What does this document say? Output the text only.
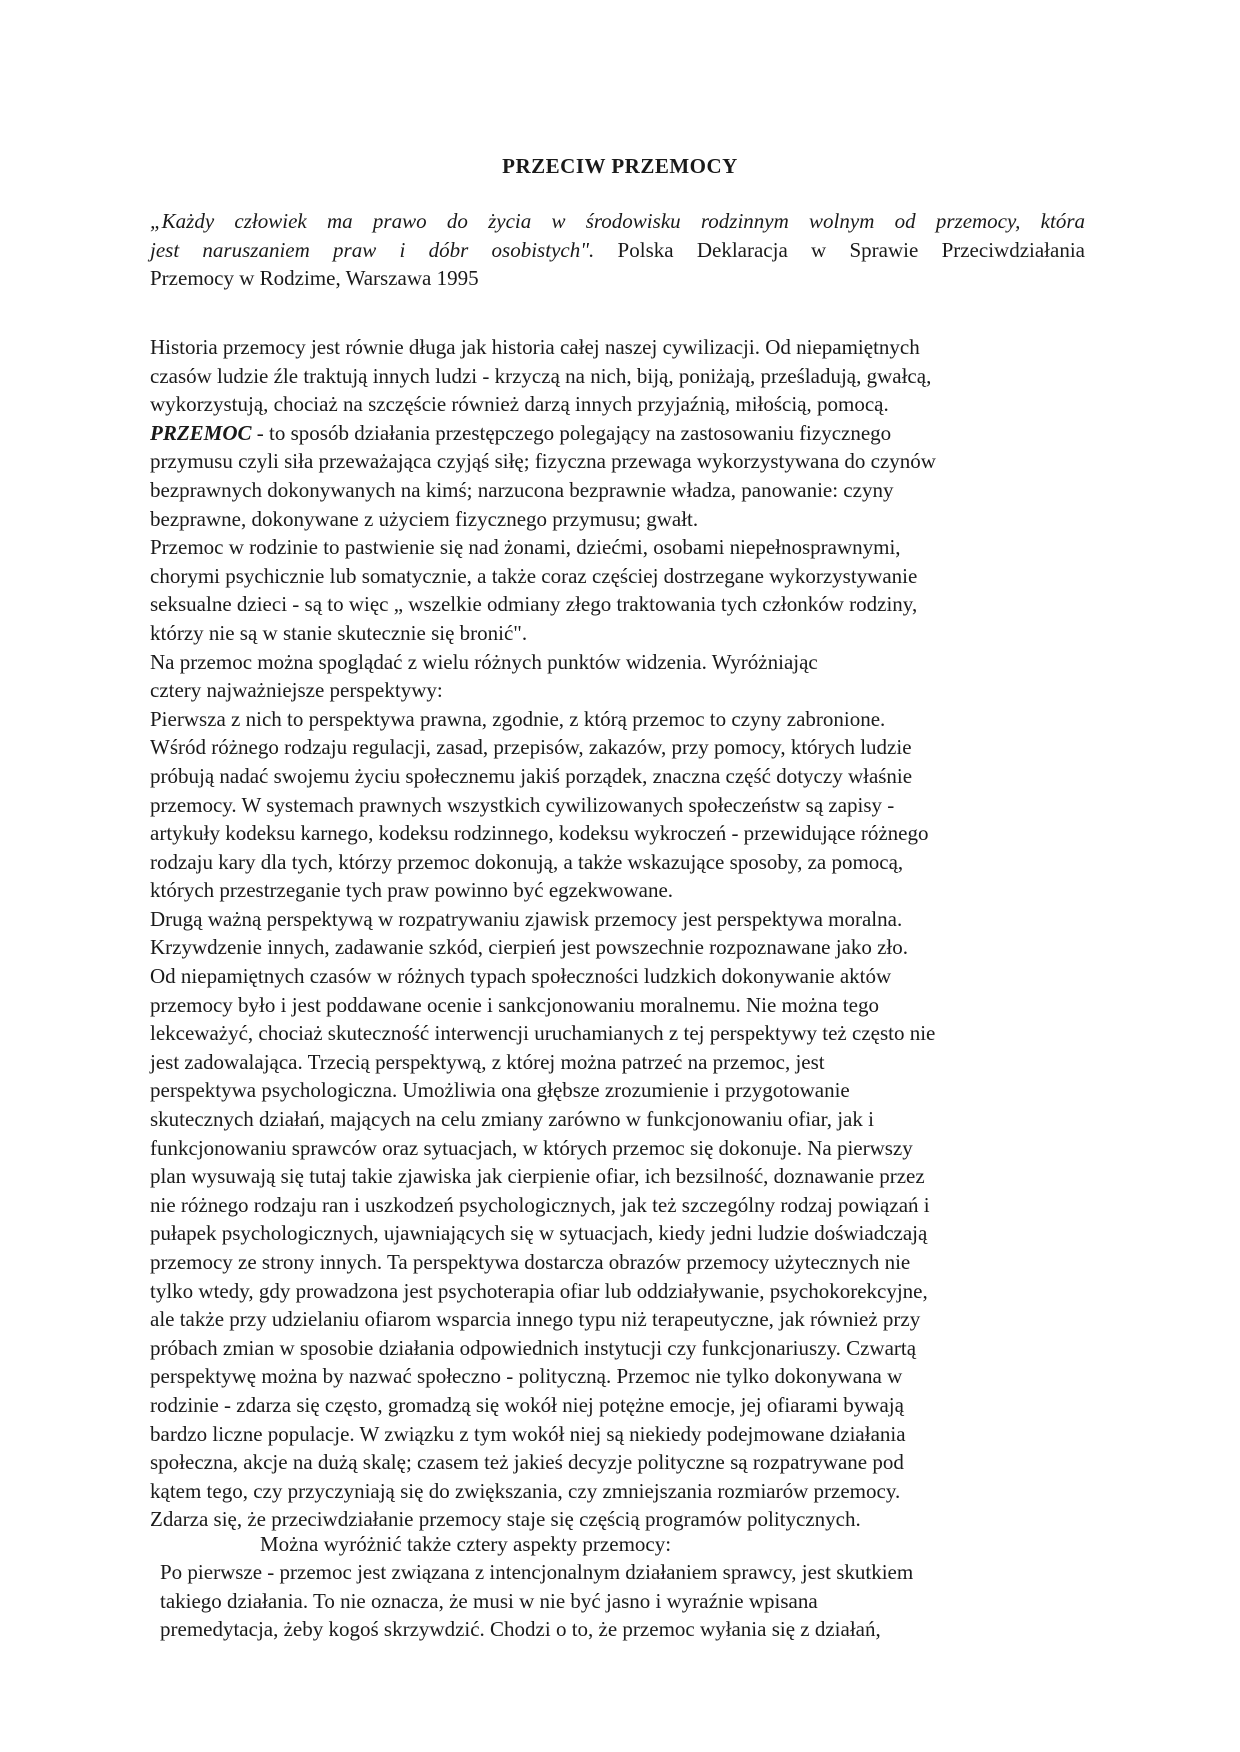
PRZECIW PRZEMOCY
„Każdy człowiek ma prawo do życia w środowisku rodzinnym wolnym od przemocy, która
jest naruszaniem praw i dóbr osobistych". Polska Deklaracja w Sprawie Przeciwdziałania
Przemocy w Rodzime, Warszawa 1995
Historia przemocy jest równie długa jak historia całej naszej cywilizacji. Od niepamiętnych
czasów ludzie źle traktują innych ludzi - krzyczą na nich, biją, poniżają, prześladują, gwałcą,
wykorzystują, chociaż na szczęście również darzą innych przyjaźnią, miłością, pomocą.
PRZEMOC - to sposób działania przestępczego polegający na zastosowaniu fizycznego
przymusu czyli siła przeważająca czyjąś siłę; fizyczna przewaga wykorzystywana do czynów
bezprawnych dokonywanych na kimś; narzucona bezprawnie władza, panowanie: czyny
bezprawne, dokonywane z użyciem fizycznego przymusu; gwałt.
Przemoc w rodzinie to pastwienie się nad żonami, dziećmi, osobami niepełnosprawnymi,
chorymi psychicznie lub somatycznie, a także coraz częściej dostrzegane wykorzystywanie
seksualne dzieci - są to więc „ wszelkie odmiany złego traktowania tych członków rodziny,
którzy nie są w stanie skutecznie się bronić".
Na przemoc można spoglądać z wielu różnych punktów widzenia. Wyróżniając
cztery najważniejsze perspektywy:
Pierwsza z nich to perspektywa prawna, zgodnie, z którą przemoc to czyny zabronione.
Wśród różnego rodzaju regulacji, zasad, przepisów, zakazów, przy pomocy, których ludzie
próbują nadać swojemu życiu społecznemu jakiś porządek, znaczna część dotyczy właśnie
przemocy. W systemach prawnych wszystkich cywilizowanych społeczeństw są zapisy -
artykuły kodeksu karnego, kodeksu rodzinnego, kodeksu wykroczeń - przewidujące różnego
rodzaju kary dla tych, którzy przemoc dokonują, a także wskazujące sposoby, za pomocą,
których przestrzeganie tych praw powinno być egzekwowane.
Drugą ważną perspektywą w rozpatrywaniu zjawisk przemocy jest perspektywa moralna.
Krzywdzenie innych, zadawanie szkód, cierpień jest powszechnie rozpoznawane jako zło.
Od niepamiętnych czasów w różnych typach społeczności ludzkich dokonywanie aktów
przemocy było i jest poddawane ocenie i sankcjonowaniu moralnemu. Nie można tego
lekceważyć, chociaż skuteczność interwencji uruchamianych z tej perspektywy też często nie
jest zadowalająca. Trzecią perspektywą, z której można patrzeć na przemoc, jest
perspektywa psychologiczna. Umożliwia ona głębsze zrozumienie i przygotowanie
skutecznych działań, mających na celu zmiany zarówno w funkcjonowaniu ofiar, jak i
funkcjonowaniu sprawców oraz sytuacjach, w których przemoc się dokonuje. Na pierwszy
plan wysuwają się tutaj takie zjawiska jak cierpienie ofiar, ich bezsilność, doznawanie przez
nie różnego rodzaju ran i uszkodzeń psychologicznych, jak też szczególny rodzaj powiązań i
pułapek psychologicznych, ujawniających się w sytuacjach, kiedy jedni ludzie doświadczają
przemocy ze strony innych. Ta perspektywa dostarcza obrazów przemocy użytecznych nie
tylko wtedy, gdy prowadzona jest psychoterapia ofiar lub oddziaływanie, psychokorekcyjne,
ale także przy udzielaniu ofiarom wsparcia innego typu niż terapeutyczne, jak również przy
próbach zmian w sposobie działania odpowiednich instytucji czy funkcjonariuszy. Czwartą
perspektywę można by nazwać społeczno - polityczną. Przemoc nie tylko dokonywana w
rodzinie - zdarza się często, gromadzą się wokół niej potężne emocje, jej ofiarami bywają
bardzo liczne populacje. W związku z tym wokół niej są niekiedy podejmowane działania
społeczna, akcje na dużą skalę; czasem też jakieś decyzje polityczne są rozpatrywane pod
kątem tego, czy przyczyniają się do zwiększania, czy zmniejszania rozmiarów przemocy.
Zdarza się, że przeciwdziałanie przemocy staje się częścią programów politycznych.
Można wyróżnić także cztery aspekty przemocy:
Po pierwsze - przemoc jest związana z intencjonalnym działaniem sprawcy, jest skutkiem
takiego działania. To nie oznacza, że musi w nie być jasno i wyraźnie wpisana
premedytacja, żeby kogoś skrzywdzić. Chodzi o to, że przemoc wyłania się z działań,
